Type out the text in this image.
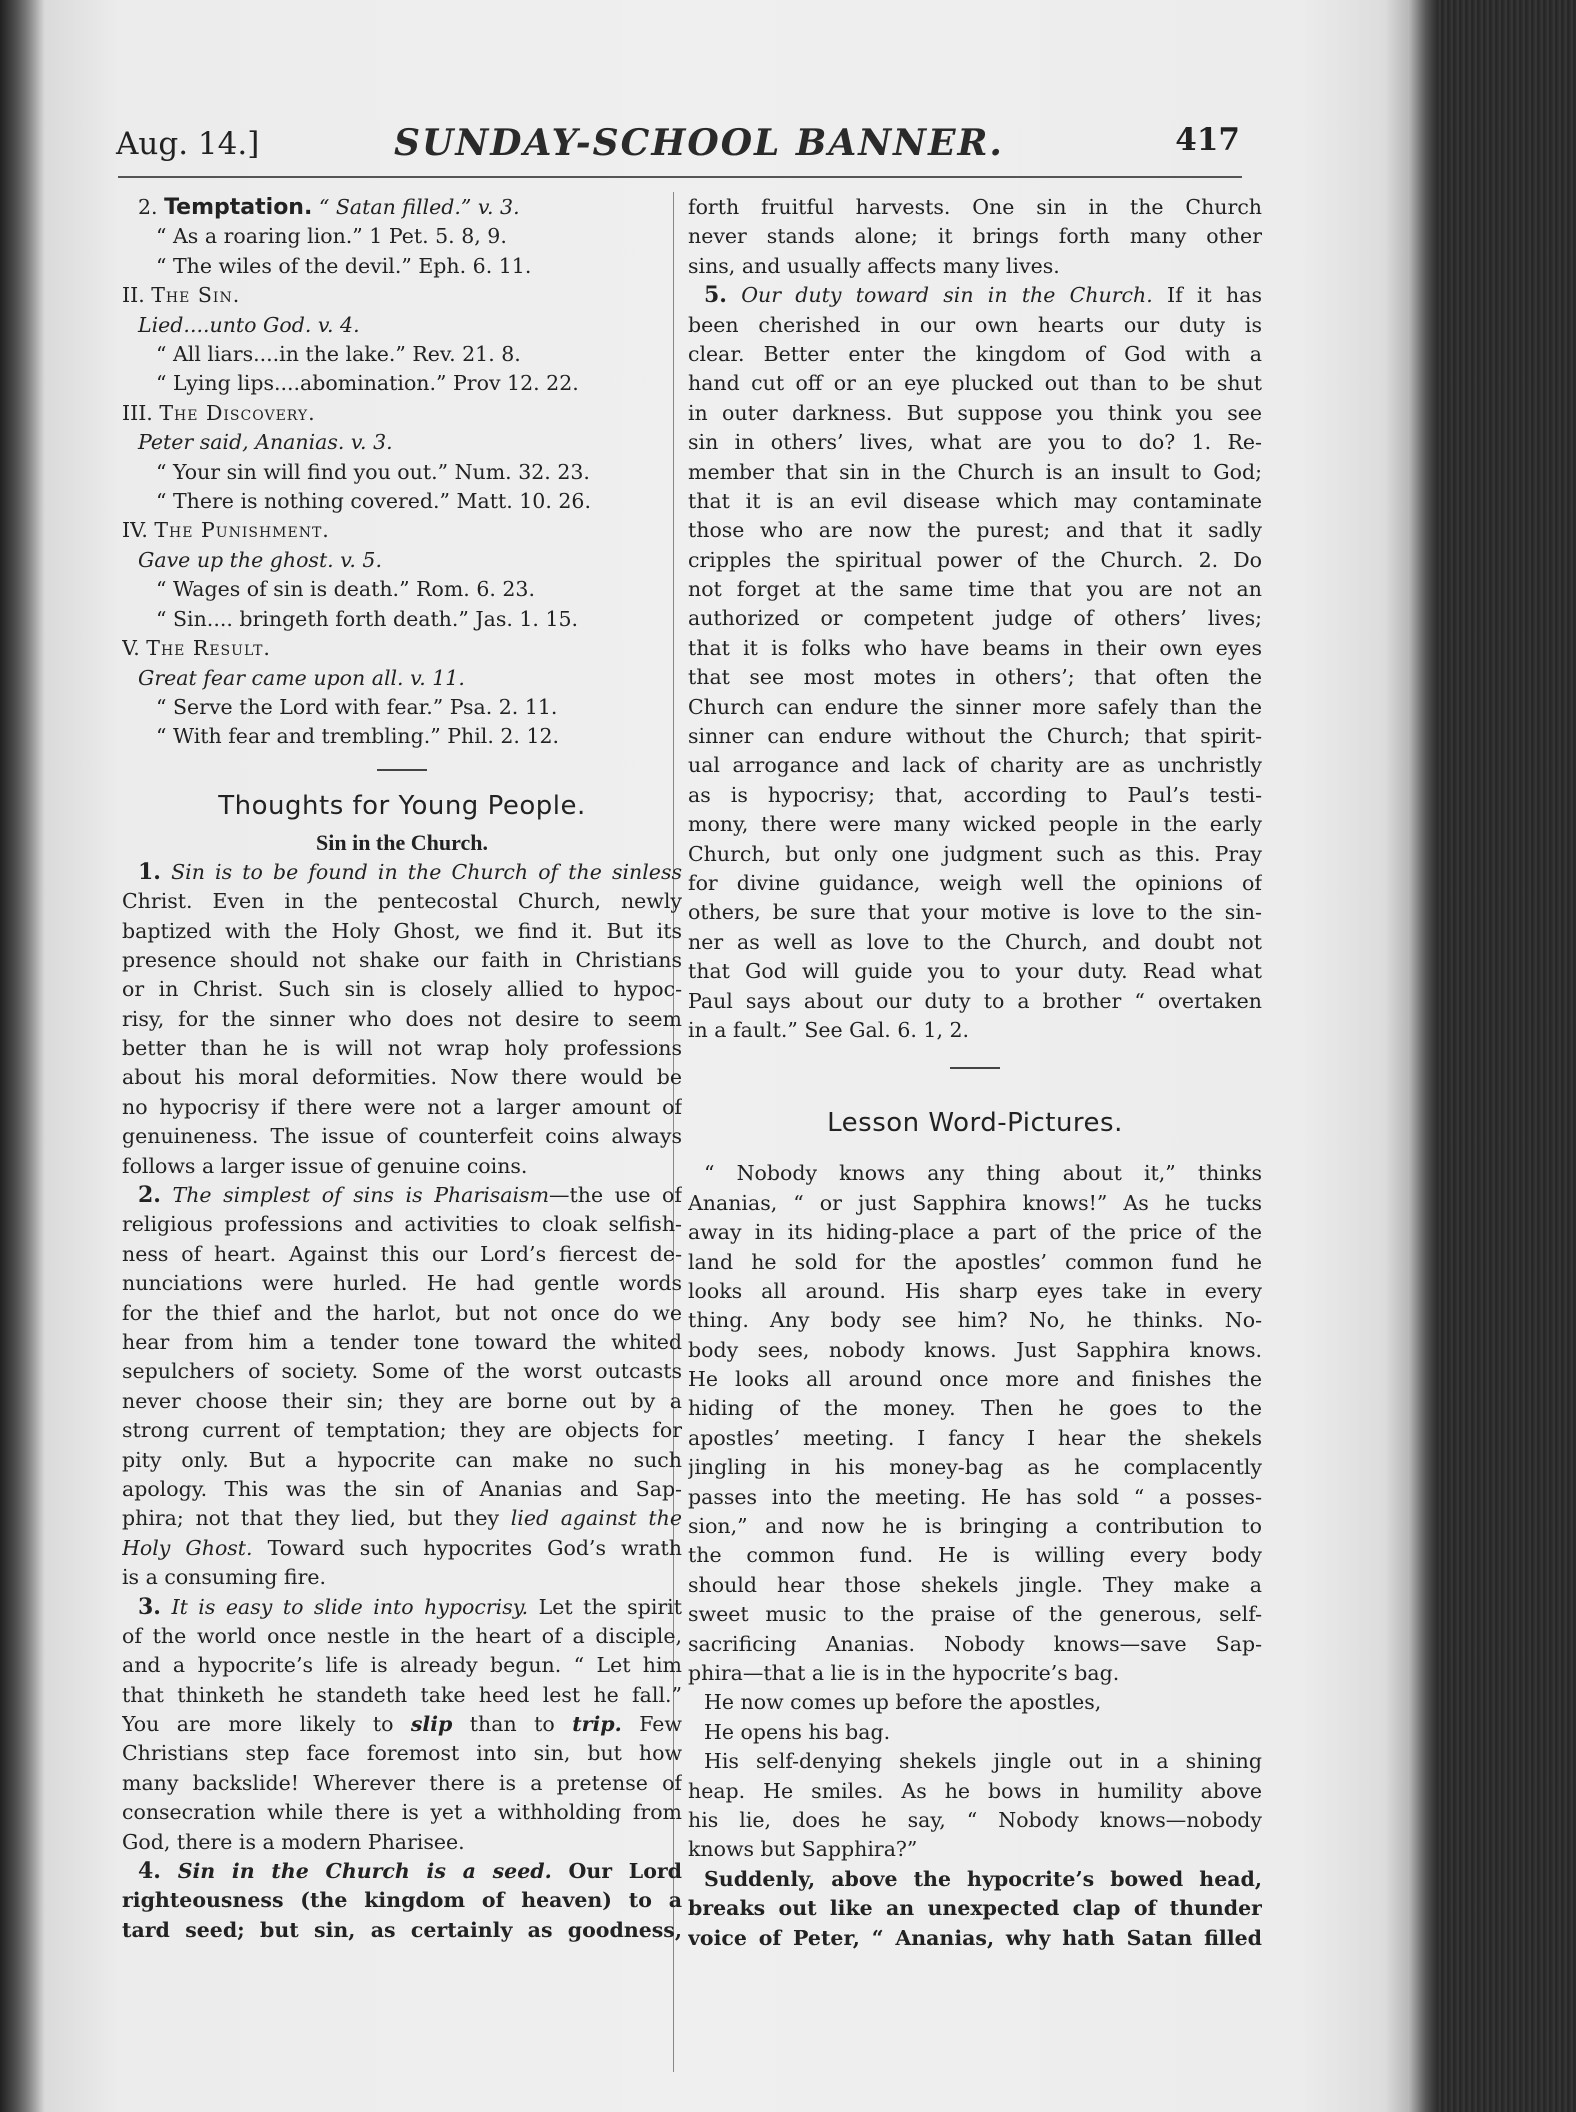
Aug. 14.]	SUNDAY-SCHOOL BANNER.	417
2. Temptation. “ Satan filled.” v. 3.
“ As a roaring lion.” 1 Pet. 5. 8, 9.
“ The wiles of the devil.” Eph. 6. 11.
II. The Sin.
Lied....unto God. v. 4.
“ All liars....in the lake.” Rev. 21. 8.
“ Lying lips....abomination.” Prov 12. 22.
III. The Discovery.
Peter said, Ananias. v. 3.
“ Your sin will find you out.” Num. 32. 23.
“ There is nothing covered.” Matt. 10. 26.
IV. The Punishment.
Gave up the ghost. v. 5.
“ Wages of sin is death.” Rom. 6. 23.
“ Sin.... bringeth forth death.” Jas. 1. 15.
V. The Result.
Great fear came upon all. v. 11.
“ Serve the Lord with fear.” Psa. 2. 11.
“ With fear and trembling.” Phil. 2. 12.
Thoughts for Young People.
Sin in the Church.
1. Sin is to be found in the Church of the sinless
Christ. Even in the pentecostal Church, newly
baptized with the Holy Ghost, we find it. But its
presence should not shake our faith in Christians
or in Christ. Such sin is closely allied to hypoc-
risy, for the sinner who does not desire to seem
better than he is will not wrap holy professions
about his moral deformities. Now there would be
no hypocrisy if there were not a larger amount of
genuineness. The issue of counterfeit coins always
follows a larger issue of genuine coins.
2. The simplest of sins is Pharisaism—the use of
religious professions and activities to cloak selfish-
ness of heart. Against this our Lord’s fiercest de-
nunciations were hurled. He had gentle words
for the thief and the harlot, but not once do we
hear from him a tender tone toward the whited
sepulchers of society. Some of the worst outcasts
never choose their sin; they are borne out by a
strong current of temptation; they are objects for
pity only. But a hypocrite can make no such
apology. This was the sin of Ananias and Sap-
phira; not that they lied, but they lied against the
Holy Ghost. Toward such hypocrites God’s wrath
is a consuming fire.
3. It is easy to slide into hypocrisy. Let the spirit
of the world once nestle in the heart of a disciple,
and a hypocrite’s life is already begun. “ Let him
that thinketh he standeth take heed lest he fall.”
You are more likely to slip than to trip. Few
Christians step face foremost into sin, but how
many backslide! Wherever there is a pretense of
consecration while there is yet a withholding from
God, there is a modern Pharisee.
4. Sin in the Church is a seed. Our Lord
righteousness (the kingdom of heaven) to a
tard seed; but sin, as certainly as goodness,
forth fruitful harvests. One sin in the Church
never stands alone; it brings forth many other
sins, and usually affects many lives.
5. Our duty toward sin in the Church. If it has
been cherished in our own hearts our duty is
clear. Better enter the kingdom of God with a
hand cut off or an eye plucked out than to be shut
in outer darkness. But suppose you think you see
sin in others’ lives, what are you to do? 1. Re-
member that sin in the Church is an insult to God;
that it is an evil disease which may contaminate
those who are now the purest; and that it sadly
cripples the spiritual power of the Church. 2. Do
not forget at the same time that you are not an
authorized or competent judge of others’ lives;
that it is folks who have beams in their own eyes
that see most motes in others’; that often the
Church can endure the sinner more safely than the
sinner can endure without the Church; that spirit-
ual arrogance and lack of charity are as unchristly
as is hypocrisy; that, according to Paul’s testi-
mony, there were many wicked people in the early
Church, but only one judgment such as this. Pray
for divine guidance, weigh well the opinions of
others, be sure that your motive is love to the sin-
ner as well as love to the Church, and doubt not
that God will guide you to your duty. Read what
Paul says about our duty to a brother “ overtaken
in a fault.” See Gal. 6. 1, 2.
Lesson Word-Pictures.
“ Nobody knows any thing about it,” thinks
Ananias, “ or just Sapphira knows!” As he tucks
away in its hiding-place a part of the price of the
land he sold for the apostles’ common fund he
looks all around. His sharp eyes take in every
thing. Any body see him? No, he thinks. No-
body sees, nobody knows. Just Sapphira knows.
He looks all around once more and finishes the
hiding of the money. Then he goes to the
apostles’ meeting. I fancy I hear the shekels
jingling in his money-bag as he complacently
passes into the meeting. He has sold “ a posses-
sion,” and now he is bringing a contribution to
the common fund. He is willing every body
should hear those shekels jingle. They make a
sweet music to the praise of the generous, self-
sacrificing Ananias. Nobody knows—save Sap-
phira—that a lie is in the hypocrite’s bag.
He now comes up before the apostles,
He opens his bag.
His self-denying shekels jingle out in a shining
heap. He smiles. As he bows in humility above
his lie, does he say, “ Nobody knows—nobody
knows but Sapphira?”
Suddenly, above the hypocrite’s bowed head,
breaks out like an unexpected clap of thunder
voice of Peter, “ Ananias, why hath Satan filled
